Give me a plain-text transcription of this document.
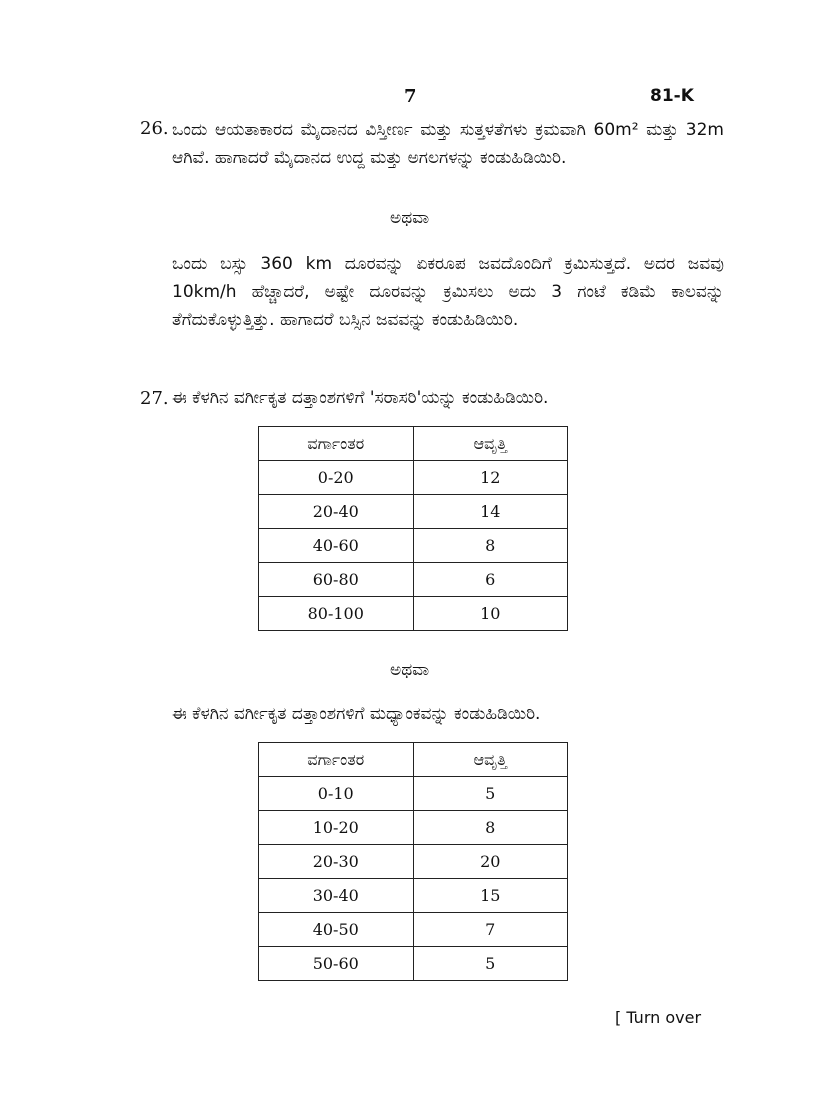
7	81-K
26. ಒಂದು ಆಯತಾಕಾರದ ಮೈದಾನದ ವಿಸ್ತೀರ್ಣ ಮತ್ತು ಸುತ್ತಳತೆಗಳು ಕ್ರಮವಾಗಿ 60m² ಮತ್ತು 32m ಆಗಿವೆ. ಹಾಗಾದರೆ ಮೈದಾನದ ಉದ್ದ ಮತ್ತು ಅಗಲಗಳನ್ನು ಕಂಡುಹಿಡಿಯಿರಿ.

ಅಥವಾ

ಒಂದು ಬಸ್ಸು 360 km ದೂರವನ್ನು ಏಕರೂಪ ಜವದೊಂದಿಗೆ ಕ್ರಮಿಸುತ್ತದೆ. ಅದರ ಜವವು 10km/h ಹೆಚ್ಚಾದರೆ, ಅಷ್ಟೇ ದೂರವನ್ನು ಕ್ರಮಿಸಲು ಅದು 3 ಗಂಟೆ ಕಡಿಮೆ ಕಾಲವನ್ನು ತೆಗೆದುಕೊಳ್ಳುತ್ತಿತ್ತು. ಹಾಗಾದರೆ ಬಸ್ಸಿನ ಜವವನ್ನು ಕಂಡುಹಿಡಿಯಿರಿ.

27. ಈ ಕೆಳಗಿನ ವರ್ಗೀಕೃತ ದತ್ತಾಂಶಗಳಿಗೆ 'ಸರಾಸರಿ'ಯನ್ನು ಕಂಡುಹಿಡಿಯಿರಿ.

ವರ್ಗಾಂತರ	ಆವೃತ್ತಿ
0-20	12
20-40	14
40-60	8
60-80	6
80-100	10
ಅಥವಾ

ಈ ಕೆಳಗಿನ ವರ್ಗೀಕೃತ ದತ್ತಾಂಶಗಳಿಗೆ ಮಧ್ಯಾಂಕವನ್ನು ಕಂಡುಹಿಡಿಯಿರಿ.

ವರ್ಗಾಂತರ	ಆವೃತ್ತಿ
0-10	5
10-20	8
20-30	20
30-40	15
40-50	7
50-60	5
[ Turn over
